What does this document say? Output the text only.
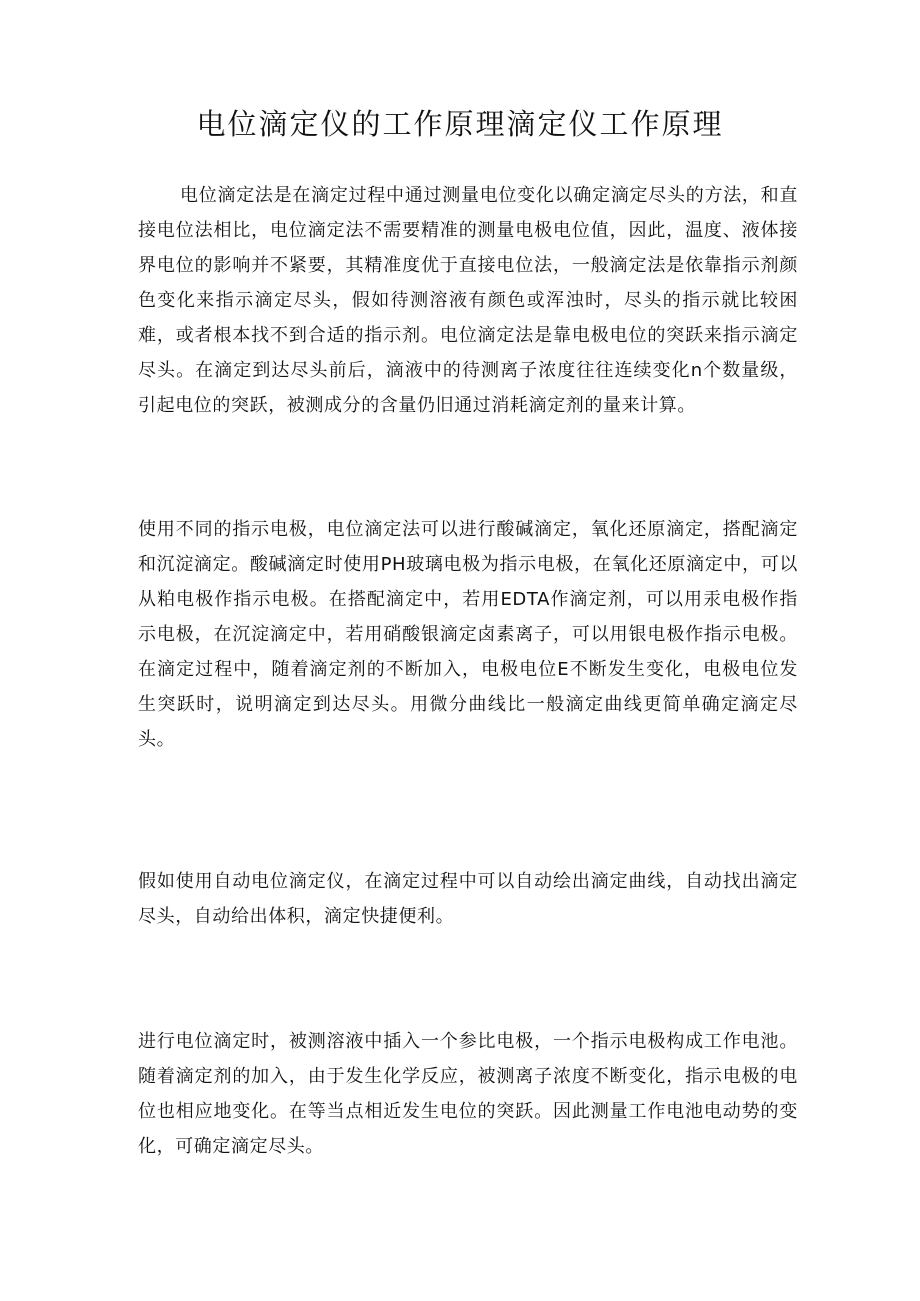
电位滴定仪的工作原理滴定仪工作原理

电位滴定法是在滴定过程中通过测量电位变化以确定滴定尽头的方法，和直接电位法相比，电位滴定法不需要精准的测量电极电位值，因此，温度、液体接界电位的影响并不紧要，其精准度优于直接电位法，一般滴定法是依靠指示剂颜色变化来指示滴定尽头，假如待测溶液有颜色或浑浊时，尽头的指示就比较困难，或者根本找不到合适的指示剂。电位滴定法是靠电极电位的突跃来指示滴定尽头。在滴定到达尽头前后，滴液中的待测离子浓度往往连续变化n个数量级，引起电位的突跃，被测成分的含量仍旧通过消耗滴定剂的量来计算。

使用不同的指示电极，电位滴定法可以进行酸碱滴定，氧化还原滴定，搭配滴定和沉淀滴定。酸碱滴定时使用PH玻璃电极为指示电极，在氧化还原滴定中，可以从粕电极作指示电极。在搭配滴定中，若用EDTA作滴定剂，可以用汞电极作指示电极，在沉淀滴定中，若用硝酸银滴定卤素离子，可以用银电极作指示电极。在滴定过程中，随着滴定剂的不断加入，电极电位E不断发生变化，电极电位发生突跃时，说明滴定到达尽头。用微分曲线比一般滴定曲线更简单确定滴定尽头。

假如使用自动电位滴定仪，在滴定过程中可以自动绘出滴定曲线，自动找出滴定尽头，自动给出体积，滴定快捷便利。

进行电位滴定时，被测溶液中插入一个参比电极，一个指示电极构成工作电池。随着滴定剂的加入，由于发生化学反应，被测离子浓度不断变化，指示电极的电位也相应地变化。在等当点相近发生电位的突跃。因此测量工作电池电动势的变化，可确定滴定尽头。
